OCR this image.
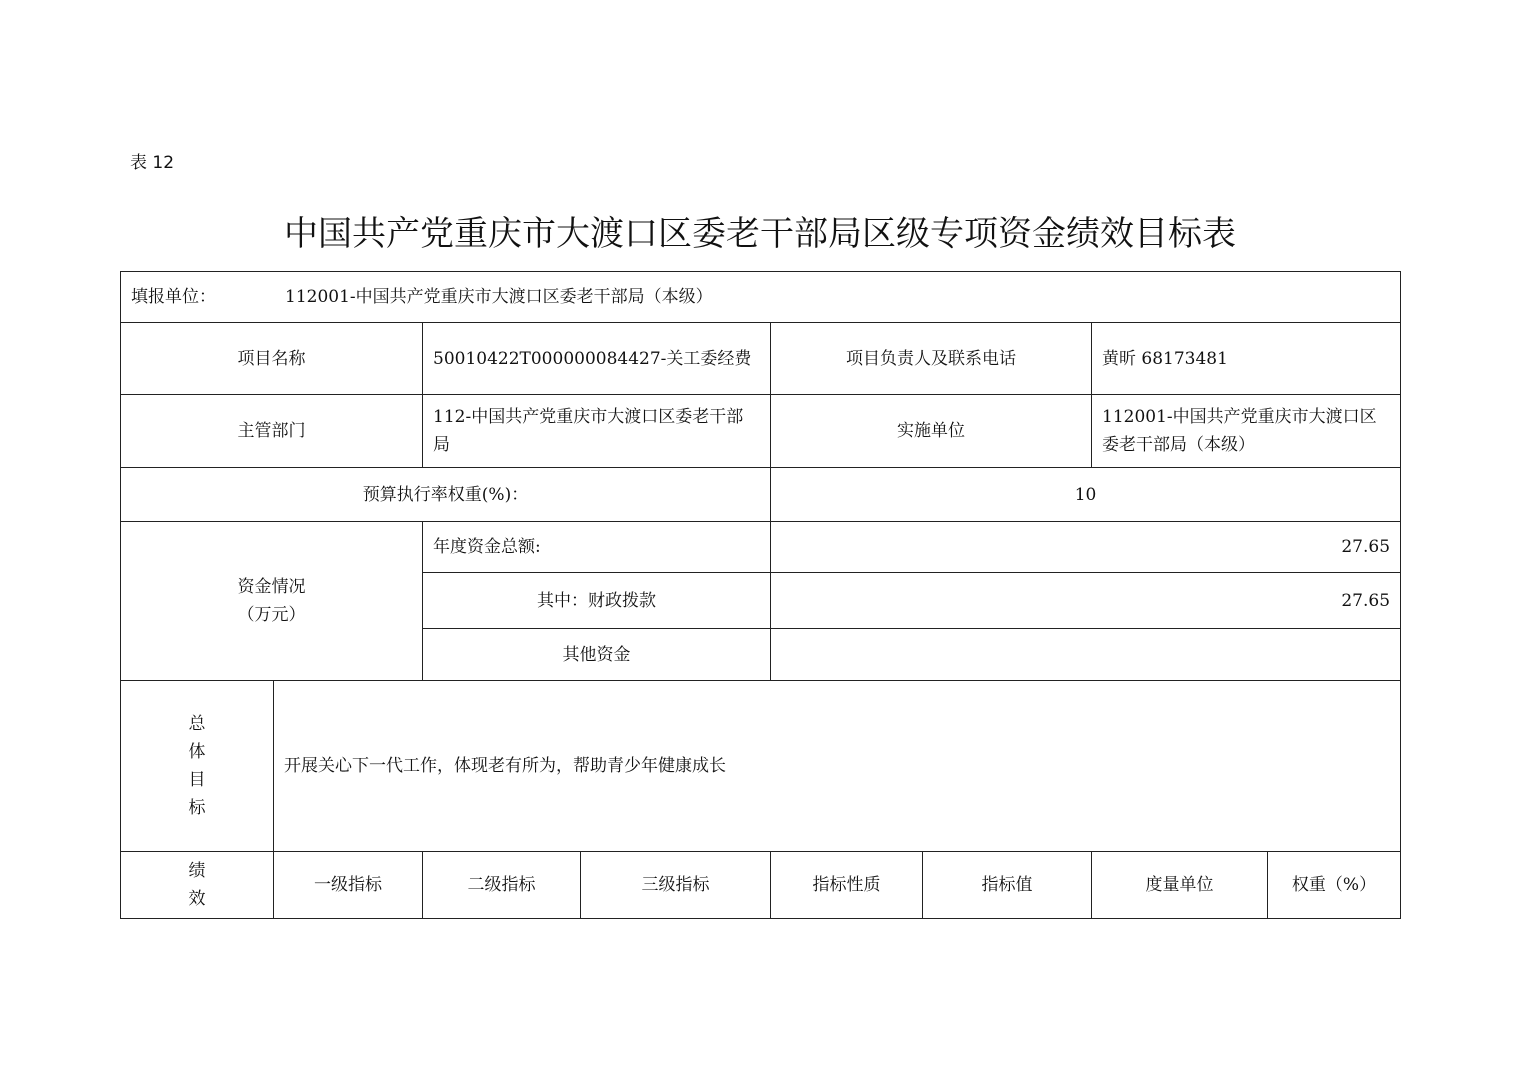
表 12
中国共产党重庆市大渡口区委老干部局区级专项资金绩效目标表
填报单位： 112001-中国共产党重庆市大渡口区委老干部局（本级）							
项目名称		50010422T000000084427-关工委经费		项目负责人及联系电话		黄昕 68173481	
主管部门		112-中国共产党重庆市大渡口区委老干部局		实施单位		112001-中国共产党重庆市大渡口区委老干部局（本级）	
预算执行率权重(%)：				10			

资金情况
（万元）		年度资金总额:		27.65			
		其中：财政拨款		27.65			
		其他资金					

总
体
目
标	开展关心下一代工作，体现老有所为，帮助青少年健康成长						

绩
效	一级指标	二级指标	三级指标	指标性质	指标值	度量单位	权重（%）
